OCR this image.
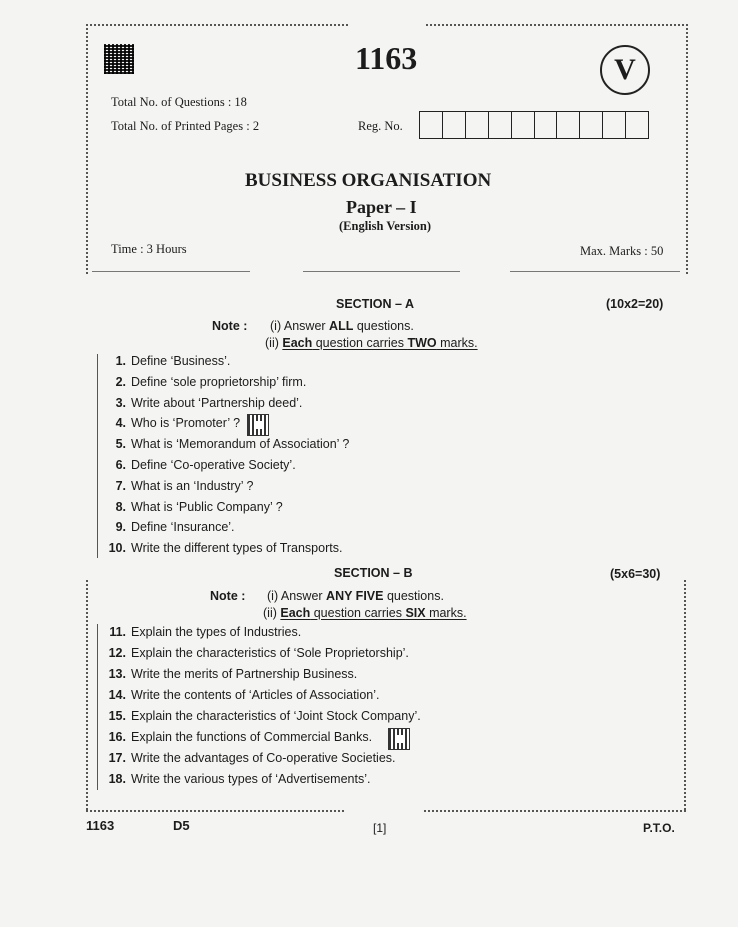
1163	V
Total No. of Questions : 18
Total No. of Printed Pages : 2	Reg. No.
BUSINESS ORGANISATION
Paper – I
(English Version)
Time : 3 Hours	Max. Marks : 50
SECTION – A	(10x2=20)
Note : (i) Answer ALL questions.
(ii) Each question carries TWO marks.
1. Define ‘Business’.
2. Define ‘sole proprietorship’ firm.
3. Write about ‘Partnership deed’.
4. Who is ‘Promoter’ ?
5. What is ‘Memorandum of Association’ ?
6. Define ‘Co-operative Society’.
7. What is an ‘Industry’ ?
8. What is ‘Public Company’ ?
9. Define ‘Insurance’.
10. Write the different types of Transports.
SECTION – B	(5x6=30)
Note : (i) Answer ANY FIVE questions.
(ii) Each question carries SIX marks.
11. Explain the types of Industries.
12. Explain the characteristics of ‘Sole Proprietorship’.
13. Write the merits of Partnership Business.
14. Write the contents of ‘Articles of Association’.
15. Explain the characteristics of ‘Joint Stock Company’.
16. Explain the functions of Commercial Banks.
17. Write the advantages of Co-operative Societies.
18. Write the various types of ‘Advertisements’.
1163	D5	[1]	P.T.O.
